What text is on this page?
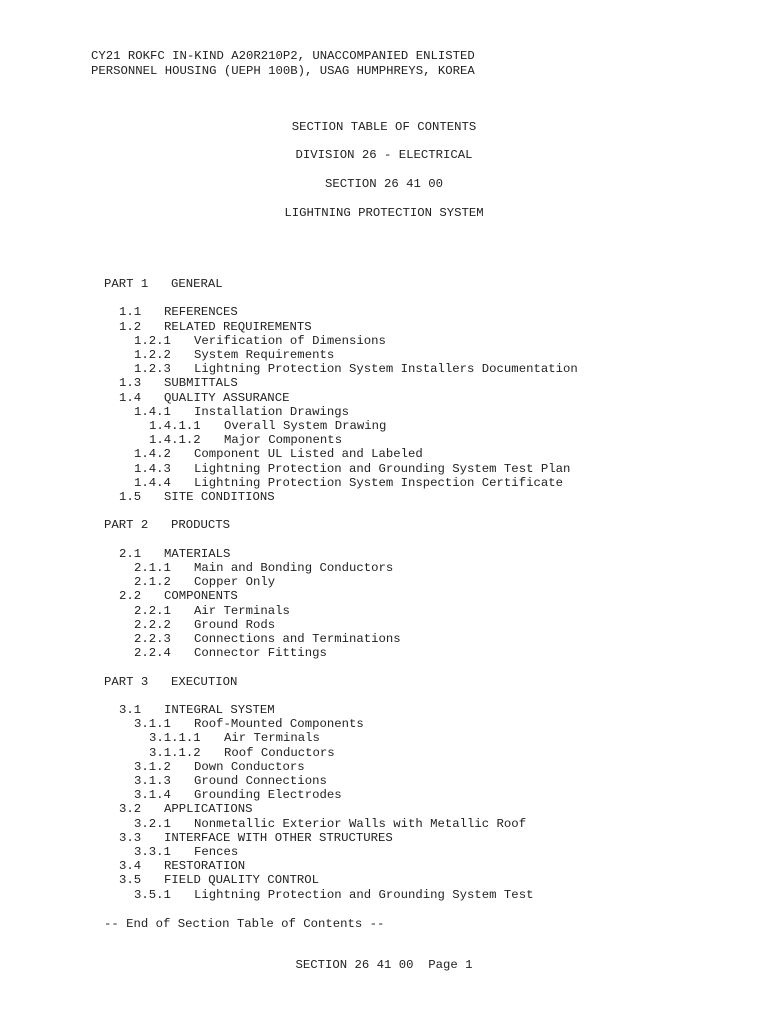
CY21 ROKFC IN-KIND A20R210P2, UNACCOMPANIED ENLISTED
PERSONNEL HOUSING (UEPH 100B), USAG HUMPHREYS, KOREA
SECTION TABLE OF CONTENTS
DIVISION 26 - ELECTRICAL
SECTION 26 41 00
LIGHTNING PROTECTION SYSTEM
PART 1 GENERAL
1.1 REFERENCES
1.2 RELATED REQUIREMENTS
1.2.1 Verification of Dimensions
1.2.2 System Requirements
1.2.3 Lightning Protection System Installers Documentation
1.3 SUBMITTALS
1.4 QUALITY ASSURANCE
1.4.1 Installation Drawings
1.4.1.1 Overall System Drawing
1.4.1.2 Major Components
1.4.2 Component UL Listed and Labeled
1.4.3 Lightning Protection and Grounding System Test Plan
1.4.4 Lightning Protection System Inspection Certificate
1.5 SITE CONDITIONS
PART 2 PRODUCTS
2.1 MATERIALS
2.1.1 Main and Bonding Conductors
2.1.2 Copper Only
2.2 COMPONENTS
2.2.1 Air Terminals
2.2.2 Ground Rods
2.2.3 Connections and Terminations
2.2.4 Connector Fittings
PART 3 EXECUTION
3.1 INTEGRAL SYSTEM
3.1.1 Roof-Mounted Components
3.1.1.1 Air Terminals
3.1.1.2 Roof Conductors
3.1.2 Down Conductors
3.1.3 Ground Connections
3.1.4 Grounding Electrodes
3.2 APPLICATIONS
3.2.1 Nonmetallic Exterior Walls with Metallic Roof
3.3 INTERFACE WITH OTHER STRUCTURES
3.3.1 Fences
3.4 RESTORATION
3.5 FIELD QUALITY CONTROL
3.5.1 Lightning Protection and Grounding System Test
-- End of Section Table of Contents --
SECTION 26 41 00  Page 1
